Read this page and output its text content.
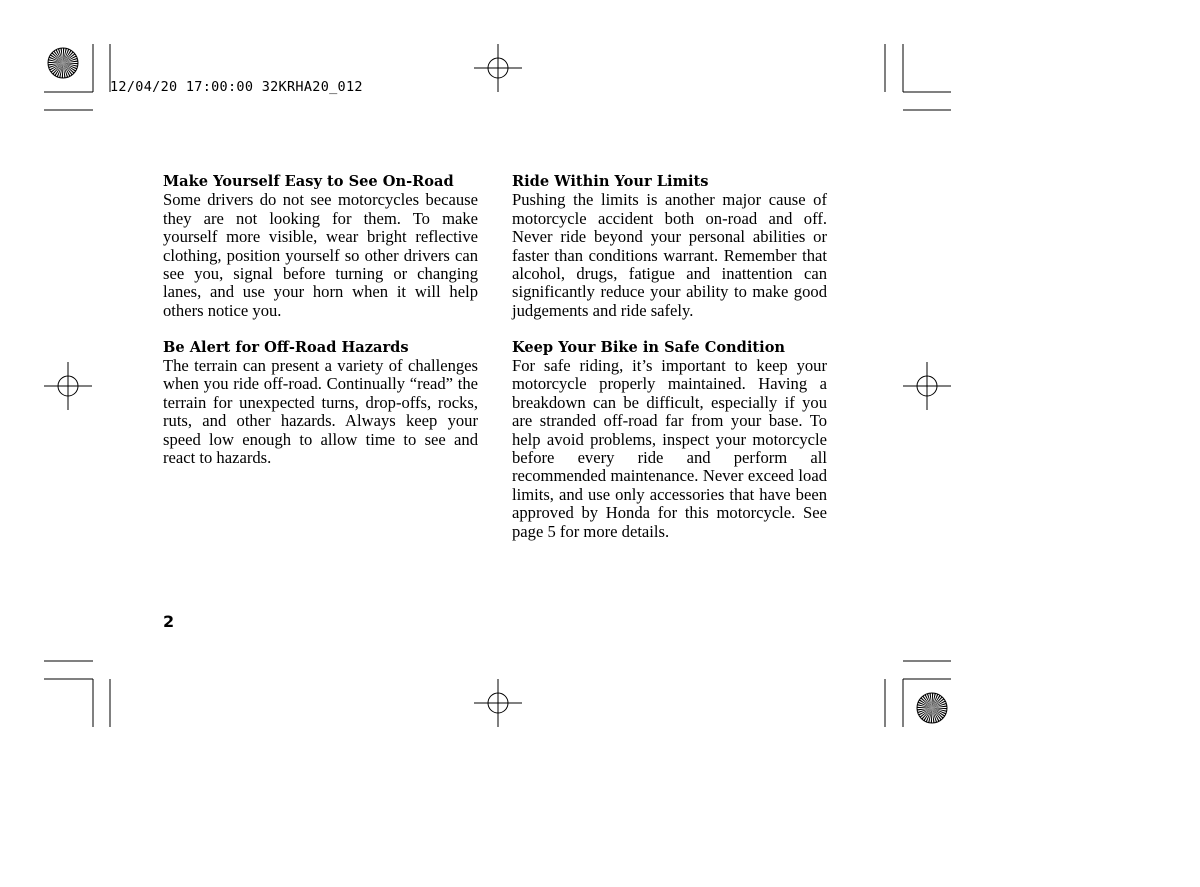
12/04/20 17:00:00 32KRHA20_012

Make Yourself Easy to See On-Road

Some drivers do not see motorcycles because they are not looking for them. To make yourself more visible, wear bright reflective clothing, position yourself so other drivers can see you, signal before turning or changing lanes, and use your horn when it will help others notice you.

Be Alert for Off-Road Hazards

The terrain can present a variety of challenges when you ride off-road. Continually “read” the terrain for unexpected turns, drop-offs, rocks, ruts, and other hazards. Always keep your speed low enough to allow time to see and react to hazards.

Ride Within Your Limits

Pushing the limits is another major cause of motorcycle accident both on-road and off. Never ride beyond your personal abilities or faster than conditions warrant. Remember that alcohol, drugs, fatigue and inattention can significantly reduce your ability to make good judgements and ride safely.

Keep Your Bike in Safe Condition

For safe riding, it’s important to keep your motorcycle properly maintained. Having a breakdown can be difficult, especially if you are stranded off-road far from your base. To help avoid problems, inspect your motorcycle before every ride and perform all recommended maintenance. Never exceed load limits, and use only accessories that have been approved by Honda for this motorcycle. See page 5 for more details.

2
